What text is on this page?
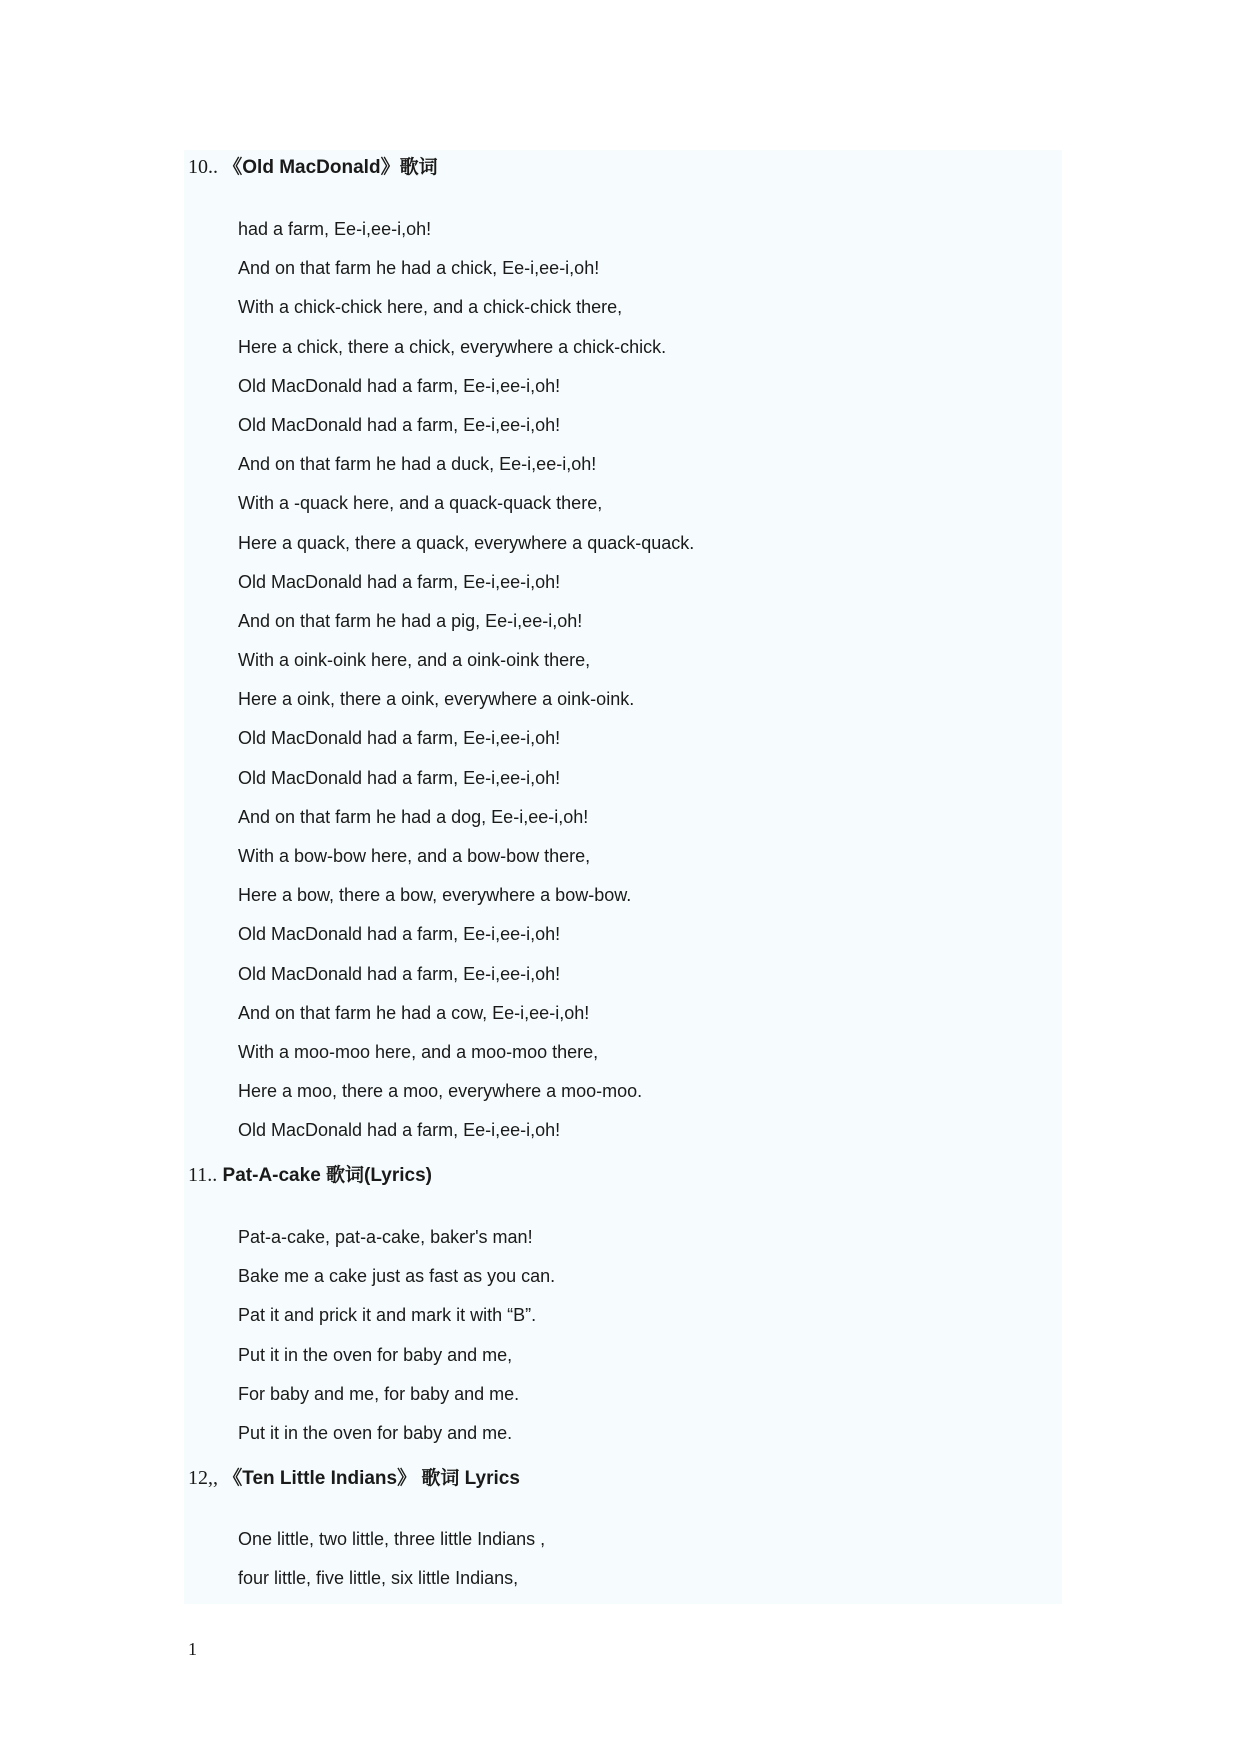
10.. 《Old MacDonald》歌词
had a farm, Ee-i,ee-i,oh!
And on that farm he had a chick, Ee-i,ee-i,oh!
With a chick-chick here, and a chick-chick there,
Here a chick, there a chick, everywhere a chick-chick.
Old MacDonald had a farm, Ee-i,ee-i,oh!
Old MacDonald had a farm, Ee-i,ee-i,oh!
And on that farm he had a duck, Ee-i,ee-i,oh!
With a -quack here, and a quack-quack there,
Here a quack, there a quack, everywhere a quack-quack.
Old MacDonald had a farm, Ee-i,ee-i,oh!
And on that farm he had a pig, Ee-i,ee-i,oh!
With a oink-oink here, and a oink-oink there,
Here a oink, there a oink, everywhere a oink-oink.
Old MacDonald had a farm, Ee-i,ee-i,oh!
Old MacDonald had a farm, Ee-i,ee-i,oh!
And on that farm he had a dog, Ee-i,ee-i,oh!
With a bow-bow here, and a bow-bow there,
Here a bow, there a bow, everywhere a bow-bow.
Old MacDonald had a farm, Ee-i,ee-i,oh!
Old MacDonald had a farm, Ee-i,ee-i,oh!
And on that farm he had a cow, Ee-i,ee-i,oh!
With a moo-moo here, and a moo-moo there,
Here a moo, there a moo, everywhere a moo-moo.
Old MacDonald had a farm, Ee-i,ee-i,oh!
11.. Pat-A-cake 歌词(Lyrics)
Pat-a-cake, pat-a-cake, baker's man!
Bake me a cake just as fast as you can.
Pat it and prick it and mark it with “B”.
Put it in the oven for baby and me,
For baby and me, for baby and me.
Put it in the oven for baby and me.
12,, 《Ten Little Indians》 歌词 Lyrics
One little, two little, three little Indians ,
four little, five little, six little Indians,
1
